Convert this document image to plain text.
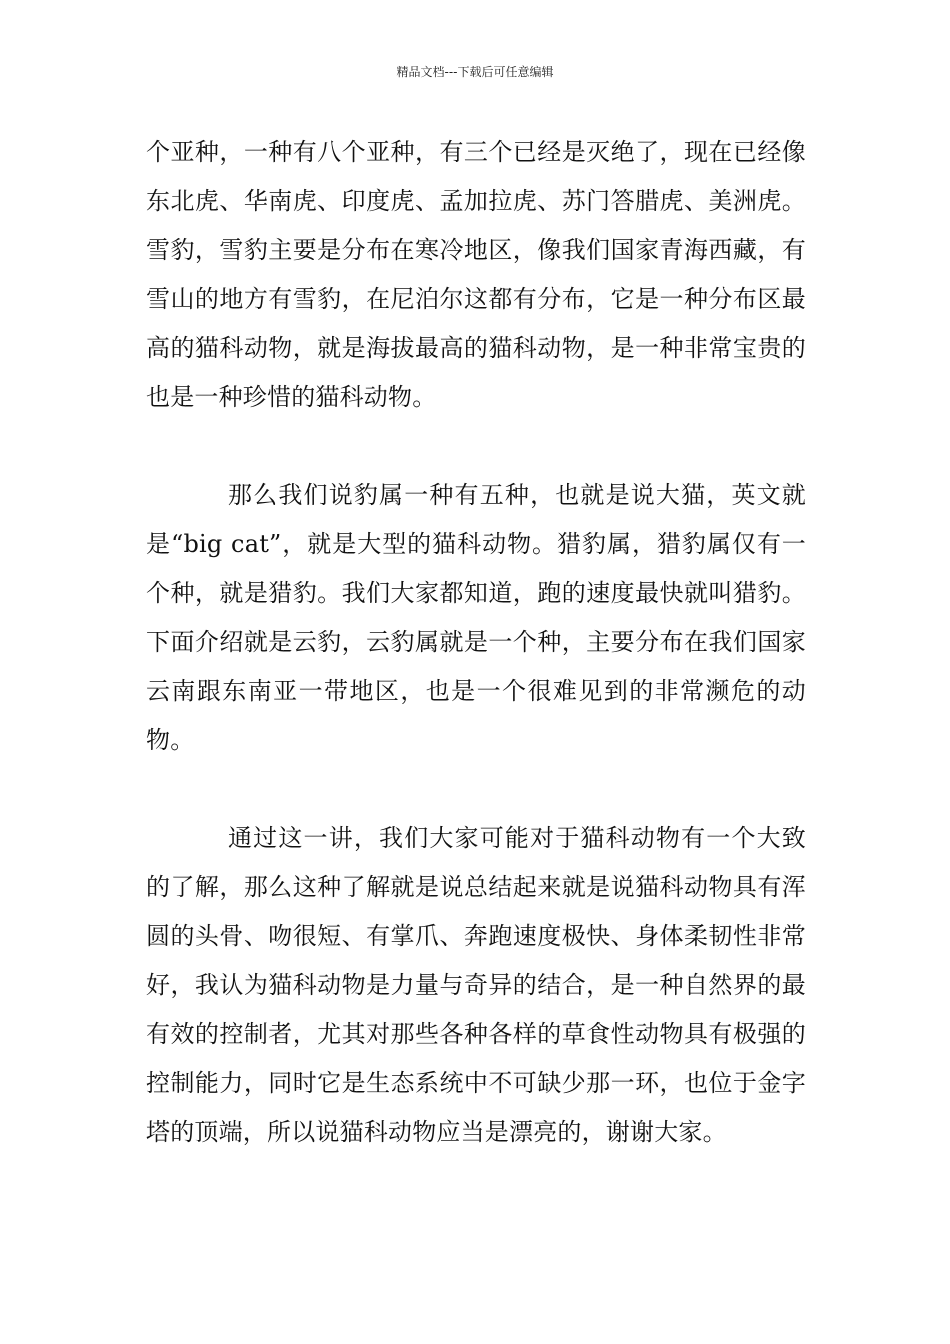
精品文档---下载后可任意编辑

个亚种，一种有八个亚种，有三个已经是灭绝了，现在已经像东北虎、华南虎、印度虎、孟加拉虎、苏门答腊虎、美洲虎。雪豹，雪豹主要是分布在寒冷地区，像我们国家青海西藏，有雪山的地方有雪豹，在尼泊尔这都有分布，它是一种分布区最高的猫科动物，就是海拔最高的猫科动物，是一种非常宝贵的也是一种珍惜的猫科动物。

那么我们说豹属一种有五种，也就是说大猫，英文就是“big cat”，就是大型的猫科动物。猎豹属，猎豹属仅有一个种，就是猎豹。我们大家都知道，跑的速度最快就叫猎豹。下面介绍就是云豹，云豹属就是一个种，主要分布在我们国家云南跟东南亚一带地区，也是一个很难见到的非常濒危的动物。

通过这一讲，我们大家可能对于猫科动物有一个大致的了解，那么这种了解就是说总结起来就是说猫科动物具有浑圆的头骨、吻很短、有掌爪、奔跑速度极快、身体柔韧性非常好，我认为猫科动物是力量与奇异的结合，是一种自然界的最有效的控制者，尤其对那些各种各样的草食性动物具有极强的控制能力，同时它是生态系统中不可缺少那一环，也位于金字塔的顶端，所以说猫科动物应当是漂亮的，谢谢大家。
